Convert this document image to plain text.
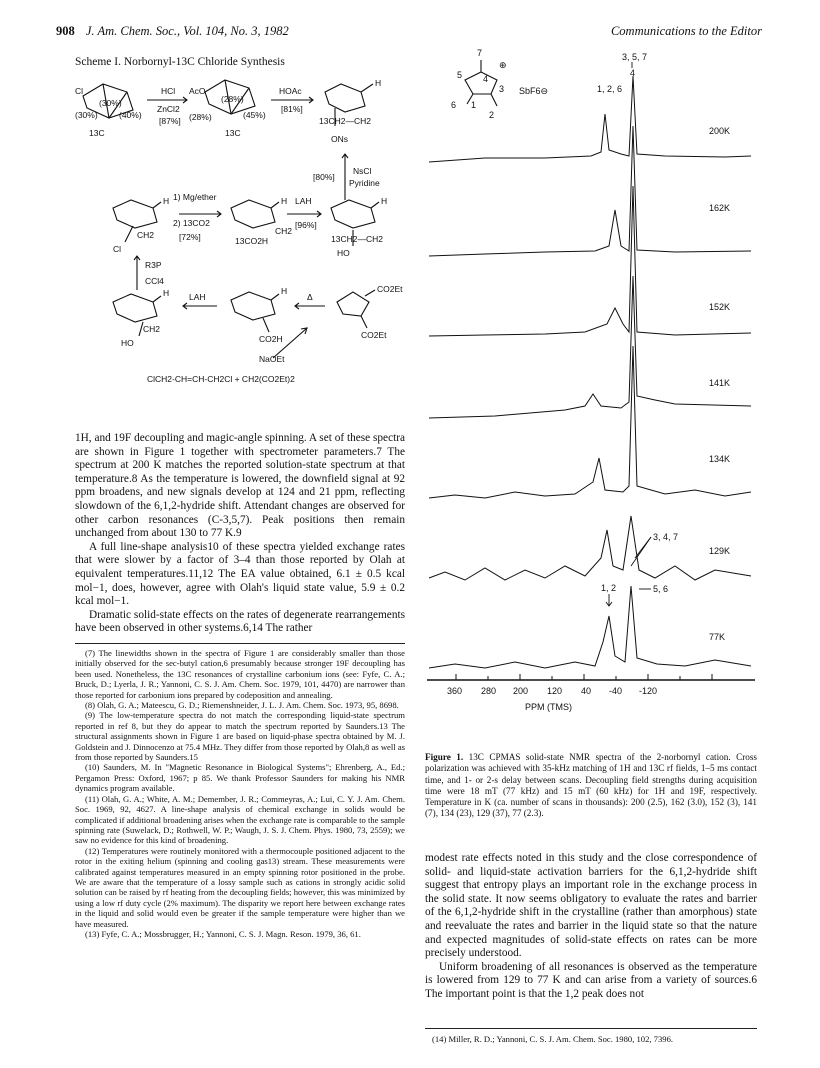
908 J. Am. Chem. Soc., Vol. 104, No. 3, 1982	Communications to the Editor
Scheme I. Norbornyl-13C Chloride Synthesis
Cl
(30%)
(30%)
(40%)
13C
HCl
ZnCl2
[87%]
AcO
(28%)
(28%)
(45%)
13C
HOAc
[81%]
H
13CH2—CH2
ONs
[80%]
NsCl
Pyridine
H 1) Mg/ether
2) 13CO2
[72%]
CH2
Cl
H
CH2
13CO2H
LAH
[96%]
H
13CH2—CH2
HO
R3P
CCl4
H
CH2
HO
LAH
H
CO2H
Δ
CO2Et
CO2Et
NaOEt
ClCH2-CH=CH-CH2Cl + CH2(CO2Et)2

1H, and 19F decoupling and magic-angle spinning. A set of these spectra are shown in Figure 1 together with spectrometer parameters.7 The spectrum at 200 K matches the reported solution-state spectrum at that temperature.8 As the temperature is lowered, the downfield signal at 92 ppm broadens, and new signals develop at 124 and 21 ppm, reflecting slowdown of the 6,1,2-hydride shift. Attendant changes are observed for other carbon resonances (C-3,5,7). Peak positions then remain unchanged from about 130 to 77 K.9

A full line-shape analysis10 of these spectra yielded exchange rates that were slower by a factor of 3–4 than those reported by Olah at equivalent temperatures.11,12 The EA value obtained, 6.1 ± 0.5 kcal mol−1, does, however, agree with Olah's liquid state value, 5.9 ± 0.2 kcal mol−1.

Dramatic solid-state effects on the rates of degenerate rearrangements have been observed in other systems.6,14 The rather

(7) The linewidths shown in the spectra of Figure 1 are considerably smaller than those initially observed for the sec-butyl cation,6 presumably because stronger 19F decoupling has been used. Nonetheless, the 13C resonances of crystalline carbonium ions (see: Fyfe, C. A.; Bruck, D.; Lyerla, J. R.; Yannoni, C. S. J. Am. Chem. Soc. 1979, 101, 4470) are narrower than those reported for carbonium ions prepared by codeposition and annealing.

(8) Olah, G. A.; Mateescu, G. D.; Riemenshneider, J. L. J. Am. Chem. Soc. 1973, 95, 8698.

(9) The low-temperature spectra do not match the corresponding liquid-state spectrum reported in ref 8, but they do appear to match the spectrum reported by Saunders.13 The structural assignments shown in Figure 1 are based on liquid-phase spectra obtained by M. J. Goldstein and J. Dinnocenzo at 75.4 MHz. They differ from those reported by Olah,8 as well as from those reported by Saunders.15

(10) Saunders, M. In "Magnetic Resonance in Biological Systems"; Ehrenberg, A., Ed.; Pergamon Press: Oxford, 1967; p 85. We thank Professor Saunders for making his NMR dynamics program available.

(11) Olah, G. A.; White, A. M.; Demember, J. R.; Commeyras, A.; Lui, C. Y. J. Am. Chem. Soc. 1969, 92, 4627. A line-shape analysis of chemical exchange in solids would be complicated if additional broadening arises when the exchange rate is comparable to the sample spinning rate (Suwelack, D.; Rothwell, W. P.; Waugh, J. S. J. Chem. Phys. 1980, 73, 2559); we saw no evidence for this kind of broadening.

(12) Temperatures were routinely monitored with a thermocouple positioned adjacent to the rotor in the exiting helium (spinning and cooling gas13) stream. These measurements were calibrated against temperatures measured in an empty spinning rotor positioned in the probe. We are aware that the temperature of a lossy sample such as cations in strongly acidic solid solution can be raised by rf heating from the decoupling fields; however, this was minimized by using a low rf duty cycle (2% maximum). The disparity we report here between exchange rates in the liquid and solid would even be greater if the sample temperature were higher than we have measured.

(13) Fyfe, C. A.; Mossbrugger, H.; Yannoni, C. S. J. Magn. Reson. 1979, 36, 61.

7
⊕
5 4
3
6 1
2
SbF6⊖	1, 2, 6
3, 5, 7
4
3, 4, 7
5, 6
1, 2
200K
162K
152K
141K
134K
129K
77K
360 280 200 120 40 -40 -120
PPM (TMS)
Figure 1. 13C CPMAS solid-state NMR spectra of the 2-norbornyl cation. Cross polarization was achieved with 35-kHz matching of 1H and 13C rf fields, 1–5 ms contact time, and 1- or 2-s delay between scans. Decoupling field strengths during acquisition time were 18 mT (77 kHz) and 15 mT (60 kHz) for 1H and 19F, respectively. Temperature in K (ca. number of scans in thousands): 200 (2.5), 162 (3.0), 152 (3), 141 (7), 134 (23), 129 (37), 77 (2.3).

modest rate effects noted in this study and the close correspondence of solid- and liquid-state activation barriers for the 6,1,2-hydride shift suggest that entropy plays an important role in the exchange process in the solid state. It now seems obligatory to evaluate the rates and barrier of the 6,1,2-hydride shift in the crystalline (rather than amorphous) state and reevaluate the rates and barrier in the liquid state so that the nature and expected magnitudes of solid-state effects on rates can be more precisely understood.

Uniform broadening of all resonances is observed as the temperature is lowered from 129 to 77 K and can arise from a variety of sources.6 The important point is that the 1,2 peak does not

(14) Miller, R. D.; Yannoni, C. S. J. Am. Chem. Soc. 1980, 102, 7396.
